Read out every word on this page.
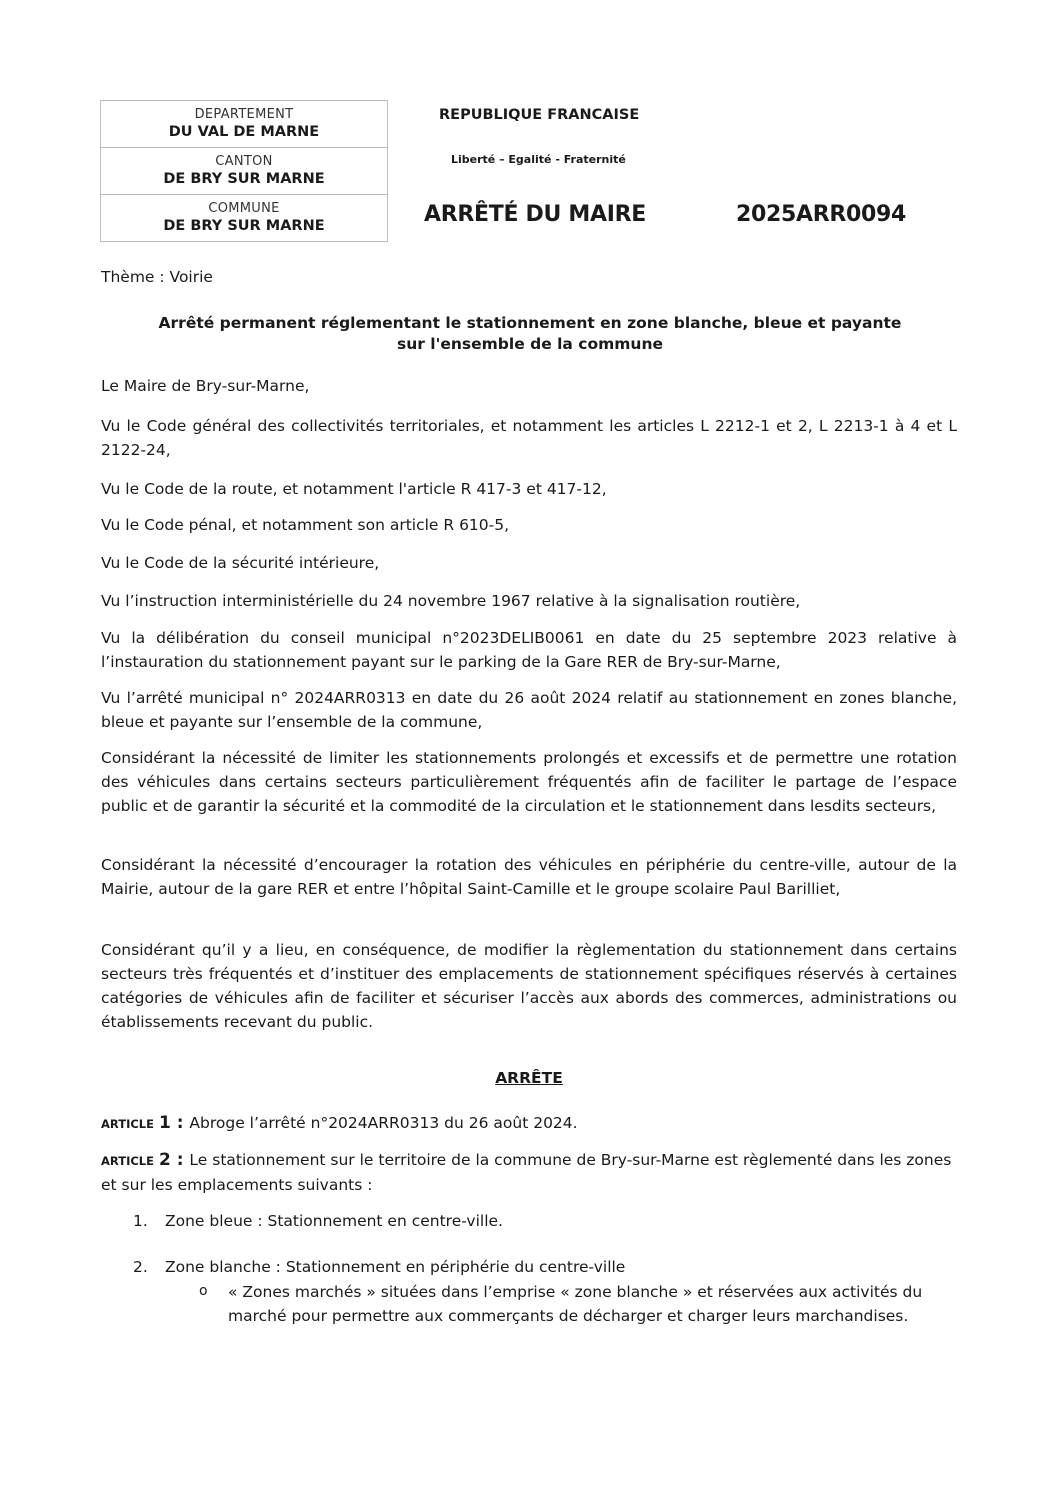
DEPARTEMENT
DU VAL DE MARNE
CANTON
DE BRY SUR MARNE
COMMUNE
DE BRY SUR MARNE
REPUBLIQUE FRANCAISE
Liberté – Egalité - Fraternité
ARRÊTÉ DU MAIRE	2025ARR0094
Thème : Voirie
Arrêté permanent réglementant le stationnement en zone blanche, bleue et payante
sur l'ensemble de la commune
Le Maire de Bry-sur-Marne,
Vu le Code général des collectivités territoriales, et notamment les articles L 2212-1 et 2, L 2213-1 à 4 et L 2122-24,
Vu le Code de la route, et notamment l'article R 417-3 et 417-12,
Vu le Code pénal, et notamment son article R 610-5,
Vu le Code de la sécurité intérieure,
Vu l’instruction interministérielle du 24 novembre 1967 relative à la signalisation routière,
Vu la délibération du conseil municipal n°2023DELIB0061 en date du 25 septembre 2023 relative à l’instauration du stationnement payant sur le parking de la Gare RER de Bry-sur-Marne,
Vu l’arrêté municipal n° 2024ARR0313 en date du 26 août 2024 relatif au stationnement en zones blanche, bleue et payante sur l’ensemble de la commune,
Considérant la nécessité de limiter les stationnements prolongés et excessifs et de permettre une rotation des véhicules dans certains secteurs particulièrement fréquentés afin de faciliter le partage de l’espace public et de garantir la sécurité et la commodité de la circulation et le stationnement dans lesdits secteurs,
Considérant la nécessité d’encourager la rotation des véhicules en périphérie du centre-ville, autour de la Mairie, autour de la gare RER et entre l’hôpital Saint-Camille et le groupe scolaire Paul Barilliet,
Considérant qu’il y a lieu, en conséquence, de modifier la règlementation du stationnement dans certains secteurs très fréquentés et d’instituer des emplacements de stationnement spécifiques réservés à certaines catégories de véhicules afin de faciliter et sécuriser l’accès aux abords des commerces, administrations ou établissements recevant du public.
ARRÊTE
ARTICLE 1 : Abroge l’arrêté n°2024ARR0313 du 26 août 2024.
ARTICLE 2 : Le stationnement sur le territoire de la commune de Bry-sur-Marne est règlementé dans les zones et sur les emplacements suivants :
1. Zone bleue : Stationnement en centre-ville.
2. Zone blanche : Stationnement en périphérie du centre-ville
o « Zones marchés » situées dans l’emprise « zone blanche » et réservées aux activités du marché pour permettre aux commerçants de décharger et charger leurs marchandises.
